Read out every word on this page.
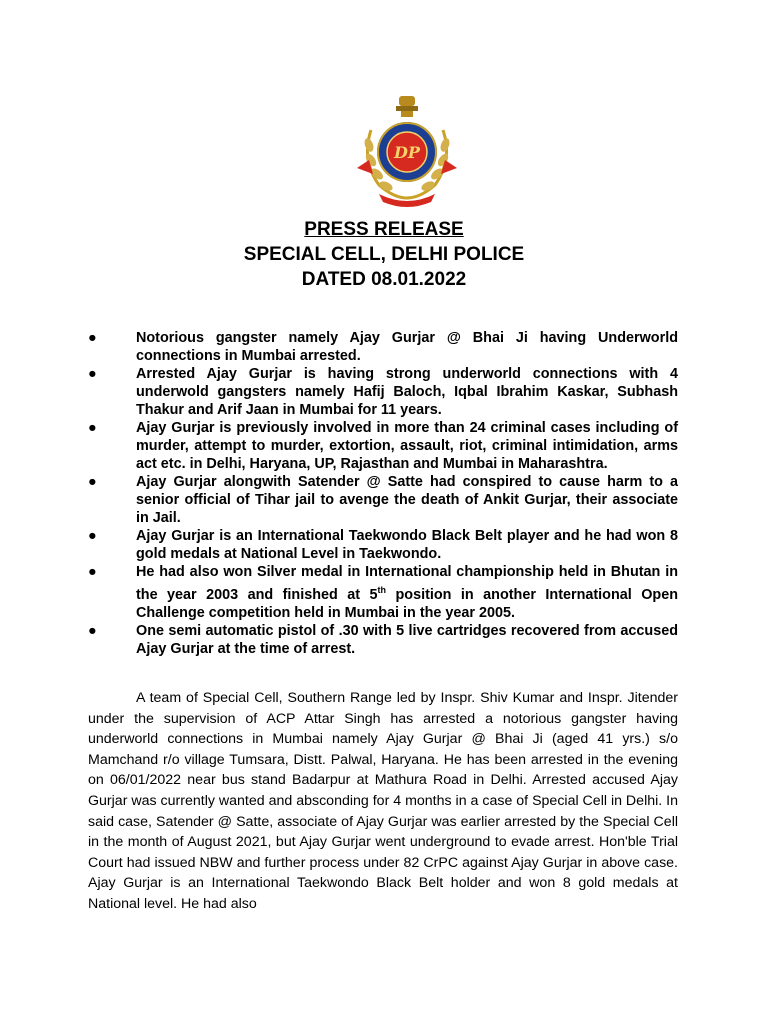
DP
PRESS RELEASE
SPECIAL CELL, DELHI POLICE
DATED 08.01.2022
●	Notorious gangster namely Ajay Gurjar @ Bhai Ji having Underworld connections in Mumbai arrested.
●	Arrested Ajay Gurjar is having strong underworld connections with 4 underwold gangsters namely Hafij Baloch, Iqbal Ibrahim Kaskar, Subhash Thakur and Arif Jaan in Mumbai for 11 years.
●	Ajay Gurjar is previously involved in more than 24 criminal cases including of murder, attempt to murder, extortion, assault, riot, criminal intimidation, arms act etc. in Delhi, Haryana, UP, Rajasthan and Mumbai in Maharashtra.
●	Ajay Gurjar alongwith Satender @ Satte had conspired to cause harm to a senior official of Tihar jail to avenge the death of Ankit Gurjar, their associate in Jail.
●	Ajay Gurjar is an International Taekwondo Black Belt player and he had won 8 gold medals at National Level in Taekwondo.
●	He had also won Silver medal in International championship held in Bhutan in the year 2003 and finished at 5th position in another International Open Challenge competition held in Mumbai in the year 2005.
●	One semi automatic pistol of .30 with 5 live cartridges recovered from accused Ajay Gurjar at the time of arrest.

A team of Special Cell, Southern Range led by Inspr. Shiv Kumar and Inspr. Jitender under the supervision of ACP Attar Singh has arrested a notorious gangster having underworld connections in Mumbai namely Ajay Gurjar @ Bhai Ji (aged 41 yrs.) s/o Mamchand r/o village Tumsara, Distt. Palwal, Haryana. He has been arrested in the evening on 06/01/2022 near bus stand Badarpur at Mathura Road in Delhi. Arrested accused Ajay Gurjar was currently wanted and absconding for 4 months in a case of Special Cell in Delhi. In said case, Satender @ Satte, associate of Ajay Gurjar was earlier arrested by the Special Cell in the month of August 2021, but Ajay Gurjar went underground to evade arrest. Hon'ble Trial Court had issued NBW and further process under 82 CrPC against Ajay Gurjar in above case. Ajay Gurjar is an International Taekwondo Black Belt holder and won 8 gold medals at National level. He had also
